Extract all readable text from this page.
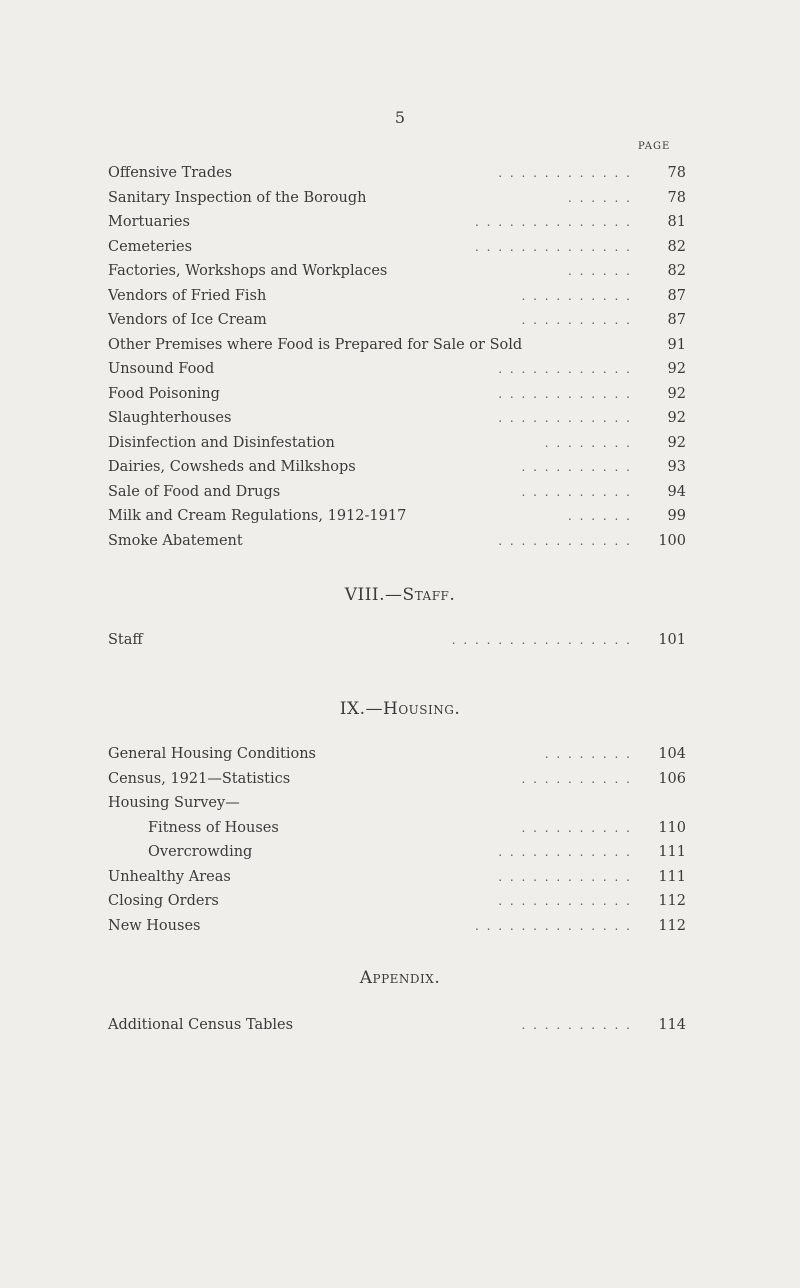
5
PAGE
Offensive Trades	. . . . . . . . . . . .	78
Sanitary Inspection of the Borough	. . . . . .	78
Mortuaries	. . . . . . . . . . . . . .	81
Cemeteries	. . . . . . . . . . . . . .	82
Factories, Workshops and Workplaces	. . . . . .	82
Vendors of Fried Fish	. . . . . . . . . .	87
Vendors of Ice Cream	. . . . . . . . . .	87
Other Premises where Food is Prepared for Sale or Sold	91
Unsound Food	. . . . . . . . . . . .	92
Food Poisoning	. . . . . . . . . . . .	92
Slaughterhouses	. . . . . . . . . . . .	92
Disinfection and Disinfestation	. . . . . . . .	92
Dairies, Cowsheds and Milkshops	. . . . . . . . . .	93
Sale of Food and Drugs	. . . . . . . . . .	94
Milk and Cream Regulations, 1912-1917	. . . . . .	99
Smoke Abatement	. . . . . . . . . . . .	100
VIII.—Staff.
Staff	. . . . . . . . . . . . . . . .	101
IX.—Housing.
General Housing Conditions	. . . . . . . .	104
Census, 1921—Statistics	. . . . . . . . . .	106
Housing Survey—
Fitness of Houses	. . . . . . . . . .	110
Overcrowding	. . . . . . . . . . . .	111
Unhealthy Areas	. . . . . . . . . . . .	111
Closing Orders	. . . . . . . . . . . .	112
New Houses	. . . . . . . . . . . . . .	112
Appendix.
Additional Census Tables	. . . . . . . . . .	114
